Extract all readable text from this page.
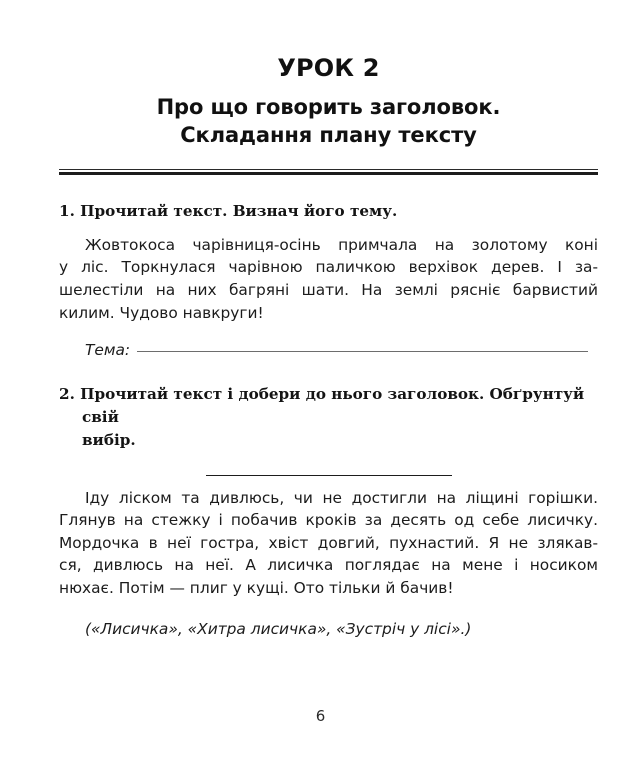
УРОК 2
Про що говорить заголовок.
Складання плану тексту

1. Прочитай текст. Визнач його тему.

Жовтокоса чарівниця-осінь примчала на золотому коні
у ліс. Торкнулася чарівною паличкою верхівок дерев. І за-
шелестіли на них багряні шати. На землі рясніє барвистий
килим. Чудово навкруги!

Тема:

2. Прочитай текст і добери до нього заголовок. Обґрунтуй свій
вибір.

Іду ліском та дивлюсь, чи не достигли на ліщині горішки.
Глянув на стежку і побачив кроків за десять од себе лисичку.
Мордочка в неї гостра, хвіст довгий, пухнастий. Я не злякав-
ся, дивлюсь на неї. А лисичка поглядає на мене і носиком
нюхає. Потім — плиг у кущі. Ото тільки й бачив!

(«Лисичка», «Хитра лисичка», «Зустріч у лісі».)

6
